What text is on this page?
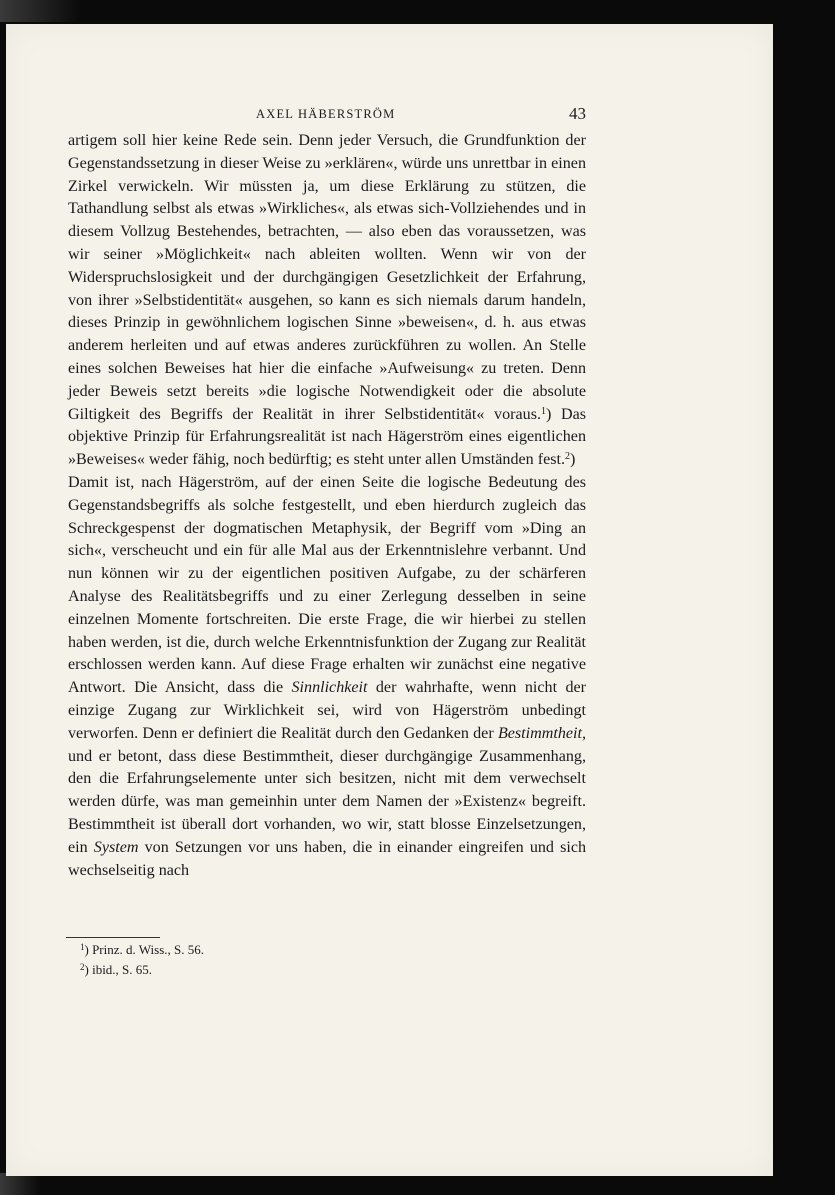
AXEL HÄBERSTRÖM	43

artigem soll hier keine Rede sein. Denn jeder Versuch, die Grundfunktion der Gegenstandssetzung in dieser Weise zu »erklären«, würde uns unrettbar in einen Zirkel verwickeln. Wir müssten ja, um diese Erklärung zu stützen, die Tathandlung selbst als etwas »Wirkliches«, als etwas sich-Vollziehendes und in diesem Vollzug Bestehendes, betrachten, — also eben das voraussetzen, was wir seiner »Möglichkeit« nach ableiten wollten. Wenn wir von der Widerspruchslosigkeit und der durchgängigen Gesetzlichkeit der Erfahrung, von ihrer »Selbstidentität« ausgehen, so kann es sich niemals darum handeln, dieses Prinzip in gewöhnlichem logischen Sinne »beweisen«, d. h. aus etwas anderem herleiten und auf etwas anderes zurückführen zu wollen. An Stelle eines solchen Beweises hat hier die einfache »Aufweisung« zu treten. Denn jeder Beweis setzt bereits »die logische Notwendigkeit oder die absolute Giltigkeit des Begriffs der Realität in ihrer Selbstidentität« voraus.$^1$) Das objektive Prinzip für Erfahrungsrealität ist nach Hägerström eines eigentlichen »Beweises« weder fähig, noch bedürftig; es steht unter allen Umständen fest.$^2$)

Damit ist, nach Hägerström, auf der einen Seite die logische Bedeutung des Gegenstandsbegriffs als solche festgestellt, und eben hierdurch zugleich das Schreckgespenst der dogmatischen Metaphysik, der Begriff vom »Ding an sich«, verscheucht und ein für alle Mal aus der Erkenntnislehre verbannt. Und nun können wir zu der eigentlichen positiven Aufgabe, zu der schärferen Analyse des Realitätsbegriffs und zu einer Zerlegung desselben in seine einzelnen Momente fortschreiten. Die erste Frage, die wir hierbei zu stellen haben werden, ist die, durch welche Erkenntnisfunktion der Zugang zur Realität erschlossen werden kann. Auf diese Frage erhalten wir zunächst eine negative Antwort. Die Ansicht, dass die Sinnlichkeit der wahrhafte, wenn nicht der einzige Zugang zur Wirklichkeit sei, wird von Hägerström unbedingt verworfen. Denn er definiert die Realität durch den Gedanken der Bestimmtheit, und er betont, dass diese Bestimmtheit, dieser durchgängige Zusammenhang, den die Erfahrungselemente unter sich besitzen, nicht mit dem verwechselt werden dürfe, was man gemeinhin unter dem Namen der »Existenz« begreift. Bestimmtheit ist überall dort vorhanden, wo wir, statt blosse Einzelsetzungen, ein System von Setzungen vor uns haben, die in einander eingreifen und sich wechselseitig nach

$^1$) Prinz. d. Wiss., S. 56.
$^2$) ibid., S. 65.
